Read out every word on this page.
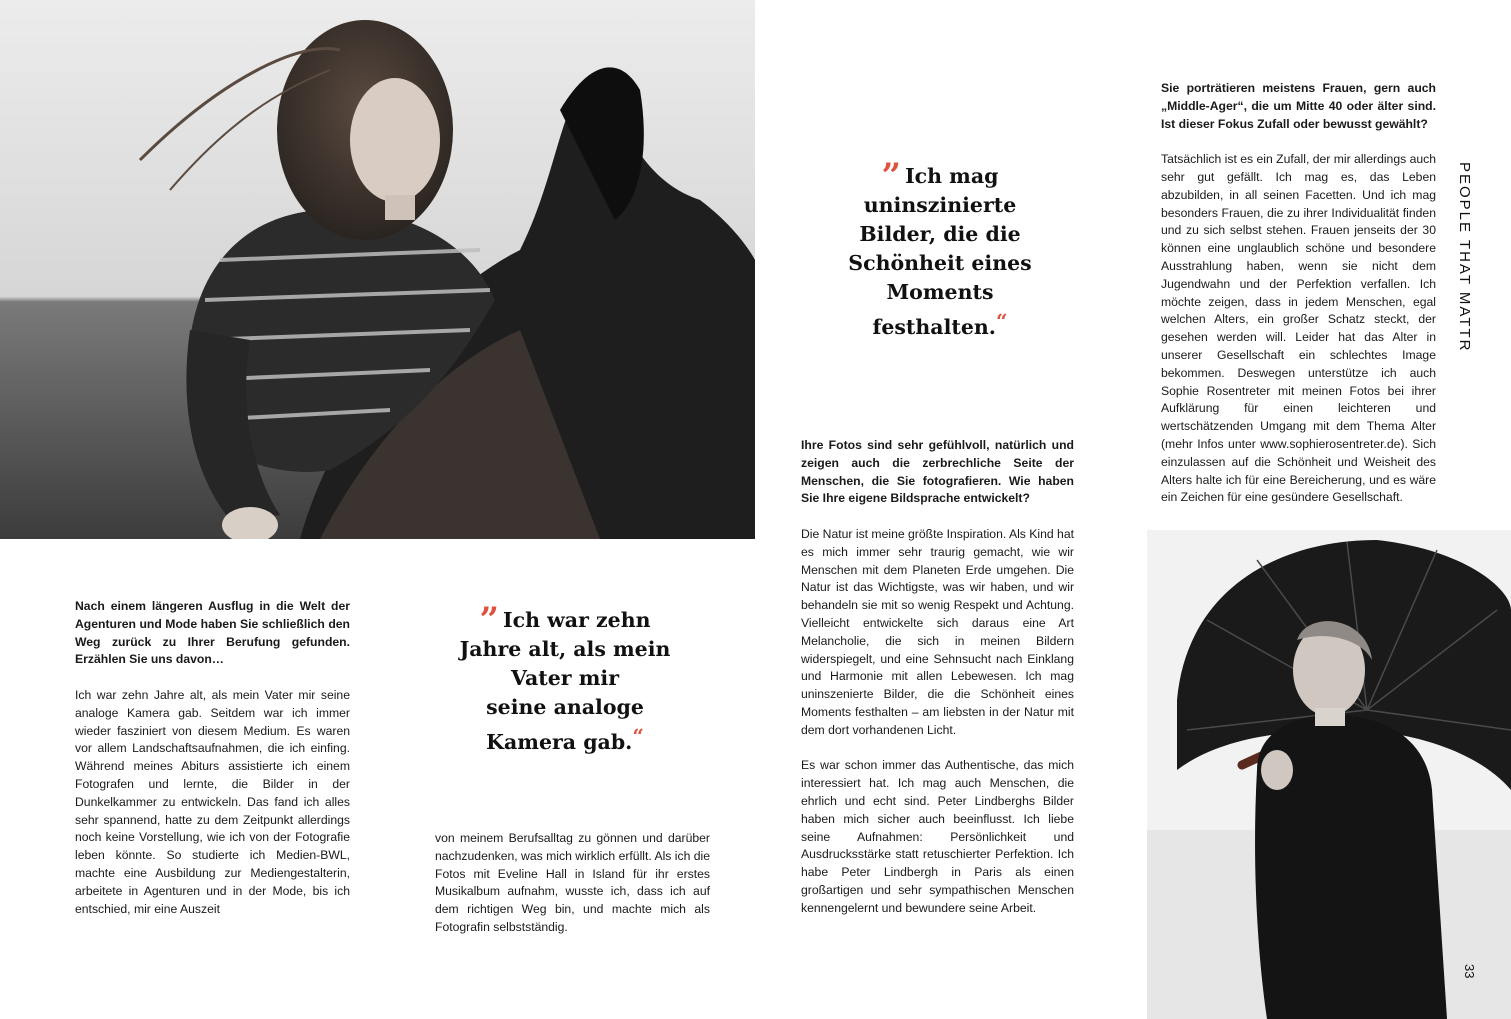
Nach einem längeren Ausflug in die Welt der Agenturen und Mode haben Sie schließlich den Weg zurück zu Ihrer Berufung gefunden. Erzählen Sie uns davon…

Ich war zehn Jahre alt, als mein Vater mir seine analoge Kamera gab. Seitdem war ich immer wieder fasziniert von diesem Medium. Es waren vor allem Landschaftsaufnahmen, die ich einfing. Während meines Abiturs assistierte ich einem Fotografen und lernte, die Bilder in der Dunkelkammer zu entwickeln. Das fand ich alles sehr spannend, hatte zu dem Zeitpunkt allerdings noch keine Vorstellung, wie ich von der Fotografie leben könnte. So studierte ich Medien-BWL, machte eine Ausbildung zur Mediengestalterin, arbeitete in Agenturen und in der Mode, bis ich entschied, mir eine Auszeit

” Ich war zehn
Jahre alt, als mein
Vater mir
seine analoge
Kamera gab.“

von meinem Berufsalltag zu gönnen und darüber nachzudenken, was mich wirklich erfüllt. Als ich die Fotos mit Eveline Hall in Island für ihr erstes Musikalbum aufnahm, wusste ich, dass ich auf dem richtigen Weg bin, und machte mich als Fotografin selbstständig.

” Ich mag
uninszinierte
Bilder, die die
Schönheit eines
Moments
festhalten.“

Ihre Fotos sind sehr gefühlvoll, natürlich und zeigen auch die zerbrechliche Seite der Menschen, die Sie fotografieren. Wie haben Sie Ihre eigene Bildsprache entwickelt?

Die Natur ist meine größte Inspiration. Als Kind hat es mich immer sehr traurig gemacht, wie wir Menschen mit dem Planeten Erde umgehen. Die Natur ist das Wichtigste, was wir haben, und wir behandeln sie mit so wenig Respekt und Achtung. Vielleicht entwickelte sich daraus eine Art Melancholie, die sich in meinen Bildern widerspiegelt, und eine Sehnsucht nach Einklang und Harmonie mit allen Lebewesen. Ich mag uninszenierte Bilder, die die Schönheit eines Moments festhalten – am liebsten in der Natur mit dem dort vorhandenen Licht.

Es war schon immer das Authentische, das mich interessiert hat. Ich mag auch Menschen, die ehrlich und echt sind. Peter Lindberghs Bilder haben mich sicher auch beeinflusst. Ich liebe seine Aufnahmen: Persönlichkeit und Ausdrucksstärke statt retuschierter Perfektion. Ich habe Peter Lindbergh in Paris als einen großartigen und sehr sympathischen Menschen kennengelernt und bewundere seine Arbeit.

Sie porträtieren meistens Frauen, gern auch „Middle-Ager“, die um Mitte 40 oder älter sind. Ist dieser Fokus Zufall oder bewusst gewählt?

Tatsächlich ist es ein Zufall, der mir allerdings auch sehr gut gefällt. Ich mag es, das Leben abzubilden, in all seinen Facetten. Und ich mag besonders Frauen, die zu ihrer Individualität finden und zu sich selbst stehen. Frauen jenseits der 30 können eine unglaublich schöne und besondere Ausstrahlung haben, wenn sie nicht dem Jugendwahn und der Perfektion verfallen. Ich möchte zeigen, dass in jedem Menschen, egal welchen Alters, ein großer Schatz steckt, der gesehen werden will. Leider hat das Alter in unserer Gesellschaft ein schlechtes Image bekommen. Deswegen unterstütze ich auch Sophie Rosentreter mit meinen Fotos bei ihrer Aufklärung für einen leichteren und wertschätzenden Umgang mit dem Thema Alter (mehr Infos unter www.sophierosentreter.de). Sich einzulassen auf die Schönheit und Weisheit des Alters halte ich für eine Bereicherung, und es wäre ein Zeichen für eine gesündere Gesellschaft.

PEOPLE THAT MATTR
33
